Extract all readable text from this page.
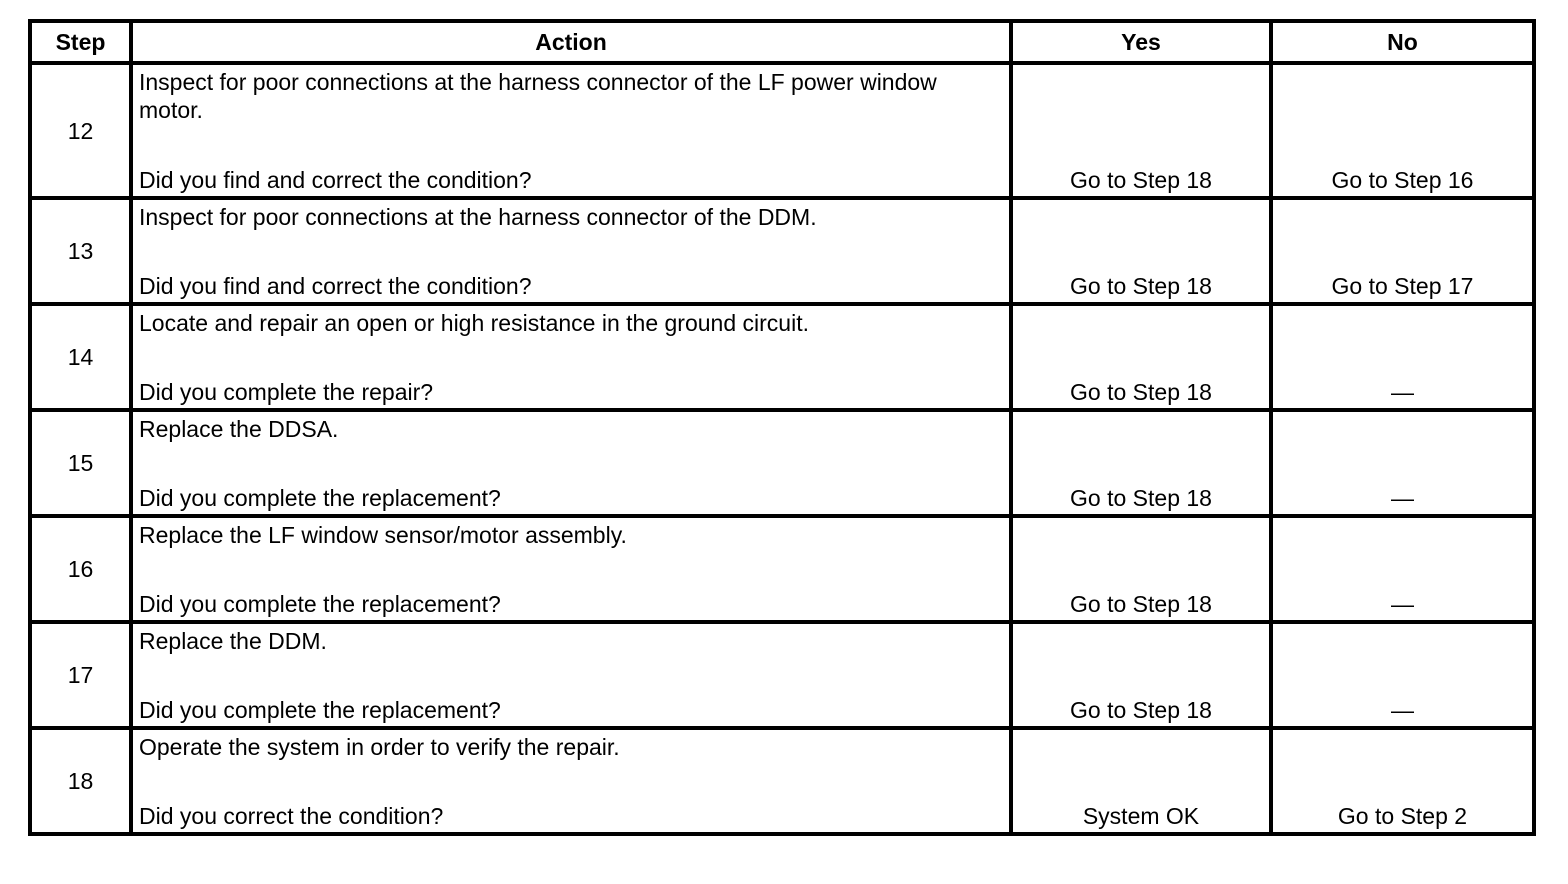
Step	Action	Yes	No
12	Inspect for poor connections at the harness connector of the LF power window motor.
Did you find and correct the condition?	Go to Step 18	Go to Step 16

13	Inspect for poor connections at the harness connector of the DDM.
Did you find and correct the condition?	Go to Step 18	Go to Step 17

14	Locate and repair an open or high resistance in the ground circuit.
Did you complete the repair?	Go to Step 18	—

15	Replace the DDSA.
Did you complete the replacement?	Go to Step 18	—

16	Replace the LF window sensor/motor assembly.
Did you complete the replacement?	Go to Step 18	—

17	Replace the DDM.
Did you complete the replacement?	Go to Step 18	—

18	Operate the system in order to verify the repair.
Did you correct the condition?	System OK	Go to Step 2
